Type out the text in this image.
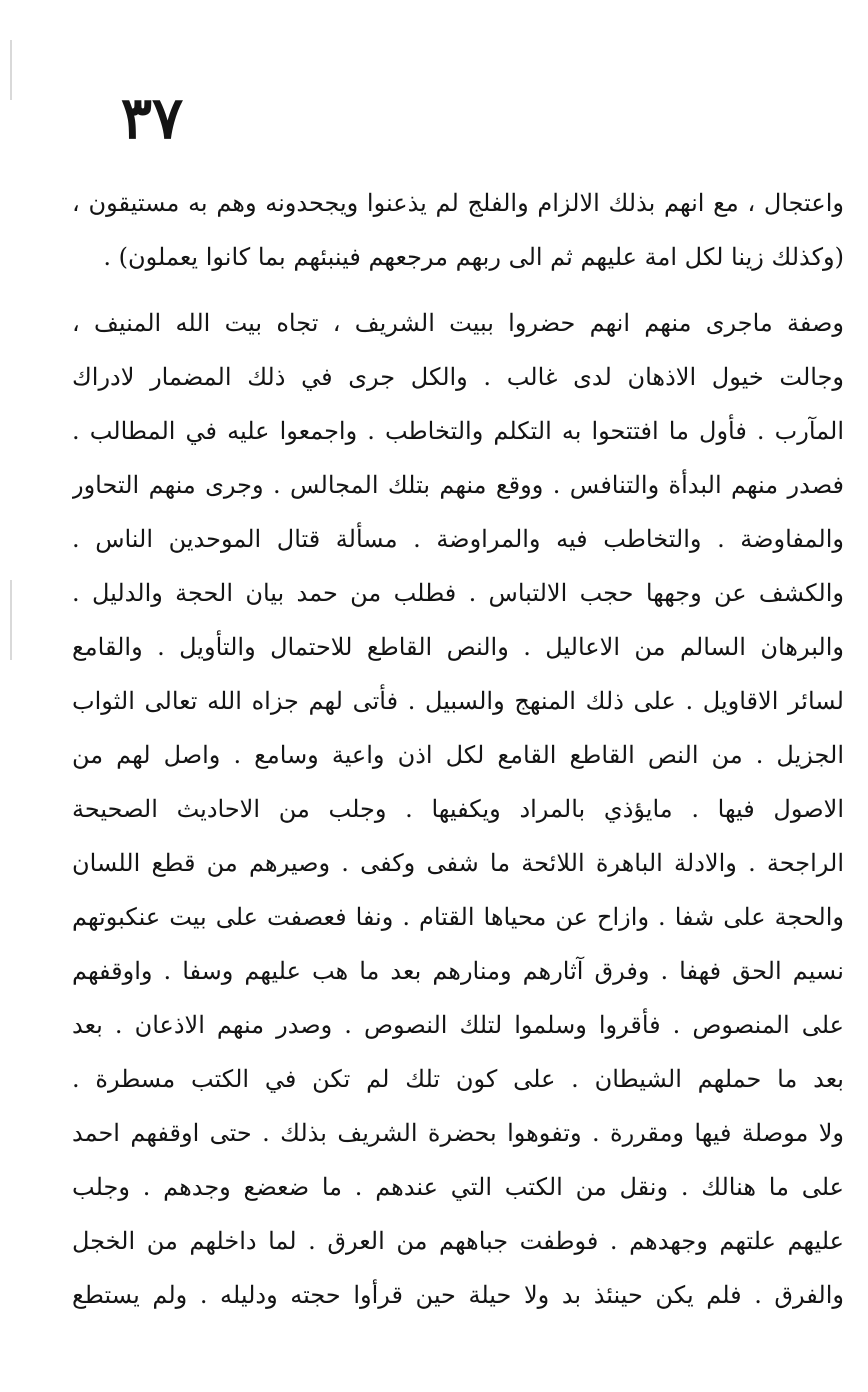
٣٧
واعتجال ، مع انهم بذلك الالزام والفلج لم يذعنوا ويجحدونه وهم به مستيقون ،
(وكذلك زينا لكل امة عليهم ثم الى ربهم مرجعهم فينبئهم بما كانوا يعملون) .
وصفة ماجرى منهم انهم حضروا ببيت الشريف ، تجاه بيت الله المنيف ،
وجالت خيول الاذهان لدى غالب . والكل جرى في ذلك المضمار لادراك
المآرب . فأول ما افتتحوا به التكلم والتخاطب . واجمعوا عليه في المطالب .
فصدر منهم البدأة والتنافس . ووقع منهم بتلك المجالس . وجرى منهم التحاور
والمفاوضة . والتخاطب فيه والمراوضة . مسألة قتال الموحدين الناس .
والكشف عن وجهها حجب الالتباس . فطلب من حمد بيان الحجة والدليل .
والبرهان السالم من الاعاليل . والنص القاطع للاحتمال والتأويل . والقامع
لسائر الاقاويل . على ذلك المنهج والسبيل . فأتى لهم جزاه الله تعالى الثواب
الجزيل . من النص القاطع القامع لكل اذن واعية وسامع . واصل لهم من
الاصول فيها . مايؤذي بالمراد ويكفيها . وجلب من الاحاديث الصحيحة
الراجحة . والادلة الباهرة اللائحة ما شفى وكفى . وصيرهم من قطع اللسان
والحجة على شفا . وازاح عن محياها القتام . ونفا فعصفت على بيت عنكبوتهم
نسيم الحق فهفا . وفرق آثارهم ومنارهم بعد ما هب عليهم وسفا . واوقفهم
على المنصوص . فأقروا وسلموا لتلك النصوص . وصدر منهم الاذعان . بعد
بعد ما حملهم الشيطان . على كون تلك لم تكن في الكتب مسطرة .
ولا موصلة فيها ومقررة . وتفوهوا بحضرة الشريف بذلك . حتى اوقفهم احمد
على ما هنالك . ونقل من الكتب التي عندهم . ما ضعضع وجدهم . وجلب
عليهم علتهم وجهدهم . فوطفت جباههم من العرق . لما داخلهم من الخجل
والفرق . فلم يكن حينئذ بد ولا حيلة حين قرأوا حجته ودليله . ولم يستطع
